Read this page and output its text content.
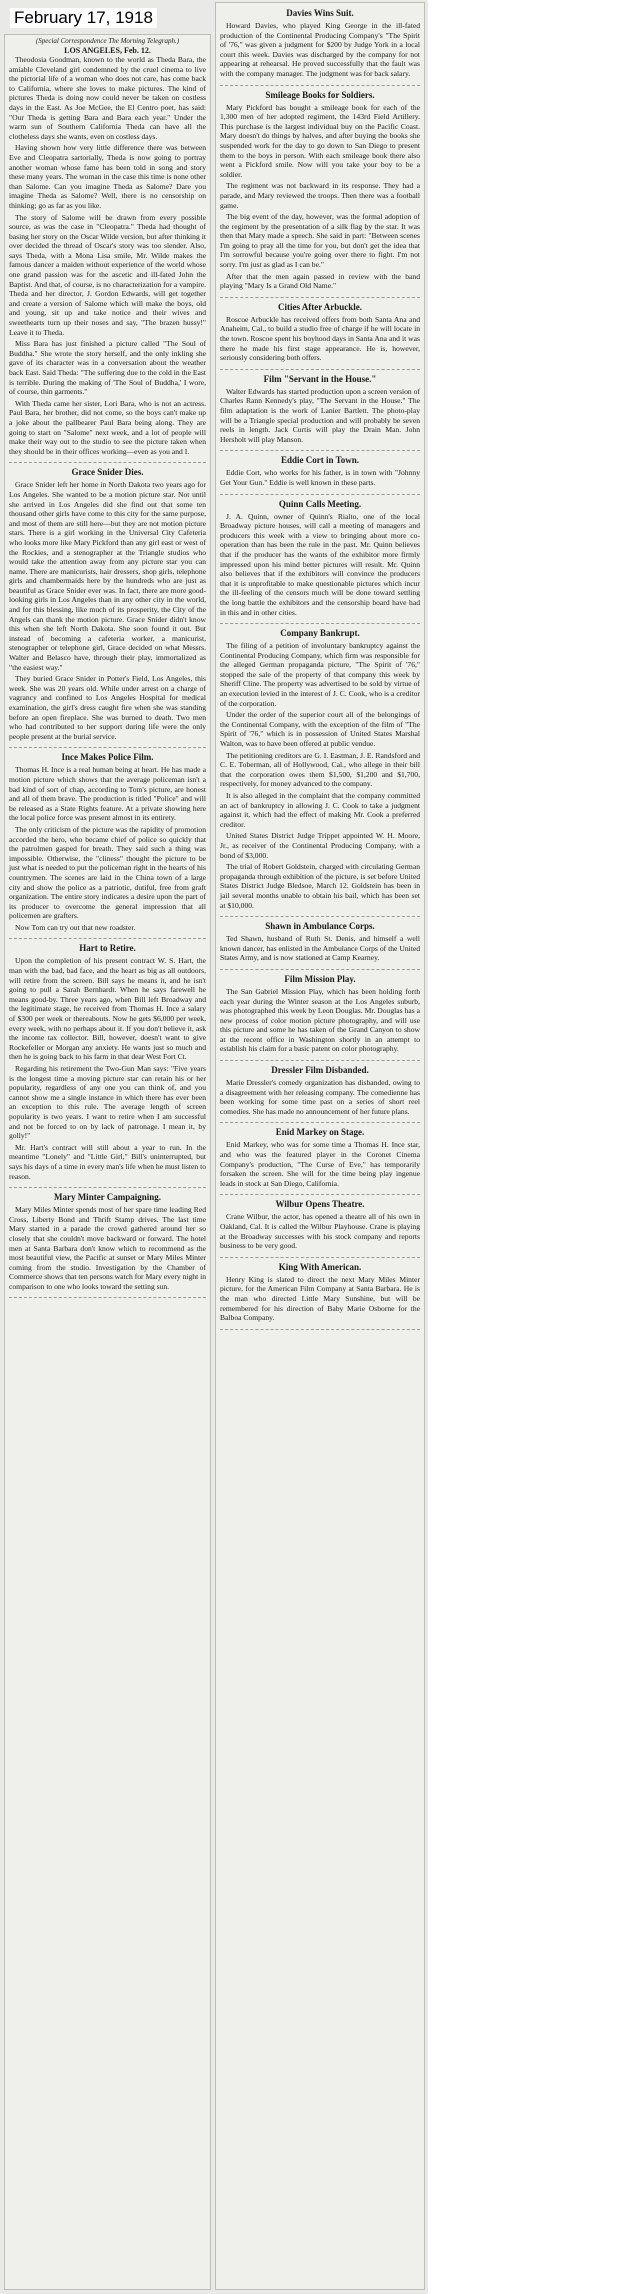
February 17, 1918
(Special Correspondence The Morning Telegraph.)
LOS ANGELES, Feb. 12.

Theodosia Goodman, known to the world as Theda Bara, the amiable Cleveland girl condemned by the cruel cinema to live the pictorial life of a woman who does not care, has come back to California, where she loves to make pictures. The kind of pictures Theda is doing now could never be taken on costless days in the East. As Joe McGee, the El Centro poet, has said: "Our Theda is getting Bara and Bara each year." Under the warm sun of Southern California Theda can have all the clotheless days she wants, even on costless days.

Having shown how very little difference there was between Eve and Cleopatra sartorially, Theda is now going to portray another woman whose fame has been told in song and story these many years. The woman in the case this time is none other than Salome. Can you imagine Theda as Salome? Dare you imagine Theda as Salome? Well, there is no censorship on thinking; go as far as you like.

The story of Salome will be drawn from every possible source, as was the case in "Cleopatra." Theda had thought of basing her story on the Oscar Wilde version, but after thinking it over decided the thread of Oscar's story was too slender. Also, says Theda, with a Mona Lisa smile, Mr. Wilde makes the famous dancer a maiden without experience of the world whose one grand passion was for the ascetic and ill-fated John the Baptist. And that, of course, is no characterization for a vampire. Theda and her director, J. Gordon Edwards, will get together and create a version of Salome which will make the boys, old and young, sit up and take notice and their wives and sweethearts turn up their noses and say, "The brazen hussy!" Leave it to Theda.

Miss Bara has just finished a picture called "The Soul of Buddha." She wrote the story herself, and the only inkling she gave of its character was in a conversation about the weather back East. Said Theda: "The suffering due to the cold in the East is terrible. During the making of 'The Soul of Buddha,' I wore, of course, thin garments."

With Theda came her sister, Lori Bara, who is not an actress. Paul Bara, her brother, did not come, so the boys can't make up a joke about the pallbearer Paul Bara being along. They are going to start on "Salome" next week, and a lot of people will make their way out to the studio to see the picture taken when they should be in their offices working—even as you and I.

Grace Snider Dies.

Grace Snider left her home in North Dakota two years ago for Los Angeles. She wanted to be a motion picture star. Not until she arrived in Los Angeles did she find out that some ten thousand other girls have come to this city for the same purpose, and most of them are still here—but they are not motion picture stars. There is a girl working in the Universal City Cafeteria who looks more like Mary Pickford than any girl east or west of the Rockies, and a stenographer at the Triangle studios who would take the attention away from any picture star you can name. There are manicurists, hair dressers, shop girls, telephone girls and chambermaids here by the hundreds who are just as beautiful as Grace Snider ever was. In fact, there are more good-looking girls in Los Angeles than in any other city in the world, and for this blessing, like much of its prosperity, the City of the Angels can thank the motion picture. Grace Snider didn't know this when she left North Dakota. She soon found it out. But instead of becoming a cafeteria worker, a manicurist, stenographer or telephone girl, Grace decided on what Messrs. Walter and Belasco have, through their play, immortalized as "the easiest way."

They buried Grace Snider in Potter's Field, Los Angeles, this week. She was 20 years old. While under arrest on a charge of vagrancy and confined to Los Angeles Hospital for medical examination, the girl's dress caught fire when she was standing before an open fireplace. She was burned to death. Two men who had contributed to her support during life were the only people present at the burial service.

Ince Makes Police Film.

Thomas H. Ince is a real human being at heart. He has made a motion picture which shows that the average policeman isn't a bad kind of sort of chap, according to Tom's picture, are honest and all of them brave. The production is titled "Police" and will be released as a State Rights feature. At a private showing here the local police force was present almost in its entirety.

The only criticism of the picture was the rapidity of promotion accorded the hero, who became chief of police so quickly that the patrolmen gasped for breath. They said such a thing was impossible. Otherwise, the "cliness" thought the picture to be just what is needed to put the policeman right in the hearts of his countrymen. The scenes are laid in the China town of a large city and show the police as a patriotic, dutiful, free from graft organization. The entire story indicates a desire upon the part of its producer to overcome the general impression that all policemen are grafters.

Now Tom can try out that new roadster.

Hart to Retire.

Upon the completion of his present contract W. S. Hart, the man with the bad, bad face, and the heart as big as all outdoors, will retire from the screen. Bill says he means it, and he isn't going to pull a Sarah Bernhardt. When he says farewell he means good-by. Three years ago, when Bill left Broadway and the legitimate stage, he received from Thomas H. Ince a salary of $300 per week or thereabouts. Now he gets $6,000 per week, every week, with no perhaps about it. If you don't believe it, ask the income tax collector. Bill, however, doesn't want to give Rockefeller or Morgan any anxiety. He wants just so much and then he is going back to his farm in that dear West Fort Ct.

Regarding his retirement the Two-Gun Man says: "Five years is the longest time a moving picture star can retain his or her popularity, regardless of any one you can think of, and you cannot show me a single instance in which there has ever been an exception to this rule. The average length of screen popularity is two years. I want to retire when I am successful and not be forced to on by lack of patronage. I mean it, by golly!"

Mr. Hart's contract will still about a year to run. In the meantime "Lonely" and "Little Girl," Bill's uninterrupted, but says his days of a time in every man's life when he must listen to reason.

Mary Minter Campaigning.

Mary Miles Minter spends most of her spare time leading Red Cross, Liberty Bond and Thrift Stamp drives. The last time Mary started in a parade the crowd gathered around her so closely that she couldn't move backward or forward. The hotel men at Santa Barbara don't know which to recommend as the most beautiful view, the Pacific at sunset or Mary Miles Minter coming from the studio. Investigation by the Chamber of Commerce shows that ten persons watch for Mary every night in comparison to one who looks toward the setting sun.

Davies Wins Suit.

Howard Davies, who played King George in the ill-fated production of the Continental Producing Company's "The Spirit of '76," was given a judgment for $200 by Judge York in a local court this week. Davies was discharged by the company for not appearing at rehearsal. He proved successfully that the fault was with the company manager. The judgment was for back salary.

Smileage Books for Soldiers.

Mary Pickford has bought a smileage book for each of the 1,300 men of her adopted regiment, the 143rd Field Artillery. This purchase is the largest individual buy on the Pacific Coast. Mary doesn't do things by halves, and after buying the books she suspended work for the day to go down to San Diego to present them to the boys in person. With each smileage book there also went a Pickford smile. Now will you take your boy to be a soldier.

The regiment was not backward in its response. They had a parade, and Mary reviewed the troops. Then there was a football game.

The big event of the day, however, was the formal adoption of the regiment by the presentation of a silk flag by the star. It was then that Mary made a speech. She said in part: "Between scenes I'm going to pray all the time for you, but don't get the idea that I'm sorrowful because you're going over there to fight. I'm not sorry. I'm just as glad as I can be."

After that the men again passed in review with the band playing "Mary Is a Grand Old Name."

Cities After Arbuckle.

Roscoe Arbuckle has received offers from both Santa Ana and Anaheim, Cal., to build a studio free of charge if he will locate in the town. Roscoe spent his boyhood days in Santa Ana and it was there he made his first stage appearance. He is, however, seriously considering both offers.

Film "Servant in the House."

Walter Edwards has started production upon a screen version of Charles Rann Kennedy's play, "The Servant in the House." The film adaptation is the work of Lanier Bartlett. The photo-play will be a Triangle special production and will probably be seven reels in length. Jack Curtis will play the Drain Man. John Hersholt will play Manson.

Eddie Cort in Town.

Eddie Cort, who works for his father, is in town with "Johnny Get Your Gun." Eddie is well known in these parts.

Quinn Calls Meeting.

J. A. Quinn, owner of Quinn's Rialto, one of the local Broadway picture houses, will call a meeting of managers and producers this week with a view to bringing about more co-operation than has been the rule in the past. Mr. Quinn believes that if the producer has the wants of the exhibitor more firmly impressed upon his mind better pictures will result. Mr. Quinn also believes that if the exhibitors will convince the producers that it is unprofitable to make questionable pictures which incur the ill-feeling of the censors much will be done toward settling the long battle the exhibitors and the censorship board have had in this and in other cities.

Company Bankrupt.

The filing of a petition of involuntary bankruptcy against the Continental Producing Company, which firm was responsible for the alleged German propaganda picture, "The Spirit of '76," stopped the sale of the property of that company this week by Sheriff Cline. The property was advertised to be sold by virtue of an execution levied in the interest of J. C. Cook, who is a creditor of the corporation.

Under the order of the superior court all of the belongings of the Continental Company, with the exception of the film of "The Spirit of '76," which is in possession of United States Marshal Walton, was to have been offered at public vendue.

The petitioning creditors are G. I. Eastman, J. E. Randsford and C. E. Toberman, all of Hollywood, Cal., who allege in their bill that the corporation owes them $1,500, $1,200 and $1,700, respectively, for money advanced to the company.

It is also alleged in the complaint that the company committed an act of bankruptcy in allowing J. C. Cook to take a judgment against it, which had the effect of making Mr. Cook a preferred creditor.

United States District Judge Trippet appointed W. H. Moore, Jr., as receiver of the Continental Producing Company, with a bond of $3,000.

The trial of Robert Goldstein, charged with circulating German propaganda through exhibition of the picture, is set before United States District Judge Bledsoe, March 12. Goldstein has been in jail several months unable to obtain his bail, which has been set at $10,000.

Shawn in Ambulance Corps.

Ted Shawn, husband of Ruth St. Denis, and himself a well known dancer, has enlisted in the Ambulance Corps of the United States Army, and is now stationed at Camp Kearney.

Film Mission Play.

The San Gabriel Mission Play, which has been holding forth each year during the Winter season at the Los Angeles suburb, was photographed this week by Leon Douglas. Mr. Douglas has a new process of color motion picture photography, and will use this picture and some he has taken of the Grand Canyon to show at the recent office in Washington shortly in an attempt to establish his claim for a basic patent on color photography.

Dressler Film Disbanded.

Marie Dressler's comedy organization has disbanded, owing to a disagreement with her releasing company. The comedienne has been working for some time past on a series of short reel comedies. She has made no announcement of her future plans.

Enid Markey on Stage.

Enid Markey, who was for some time a Thomas H. Ince star, and who was the featured player in the Coronet Cinema Company's production, "The Curse of Eve," has temporarily forsaken the screen. She will for the time being play ingenue leads in stock at San Diego, California.

Wilbur Opens Theatre.

Crane Wilbur, the actor, has opened a theatre all of his own in Oakland, Cal. It is called the Wilbur Playhouse. Crane is playing at the Broadway successes with his stock company and reports business to be very good.

King With American.

Henry King is slated to direct the next Mary Miles Minter picture, for the American Film Company at Santa Barbara. He is the man who directed Little Mary Sunshine, but will be remembered for his direction of Baby Marie Osborne for the Balboa Company.
